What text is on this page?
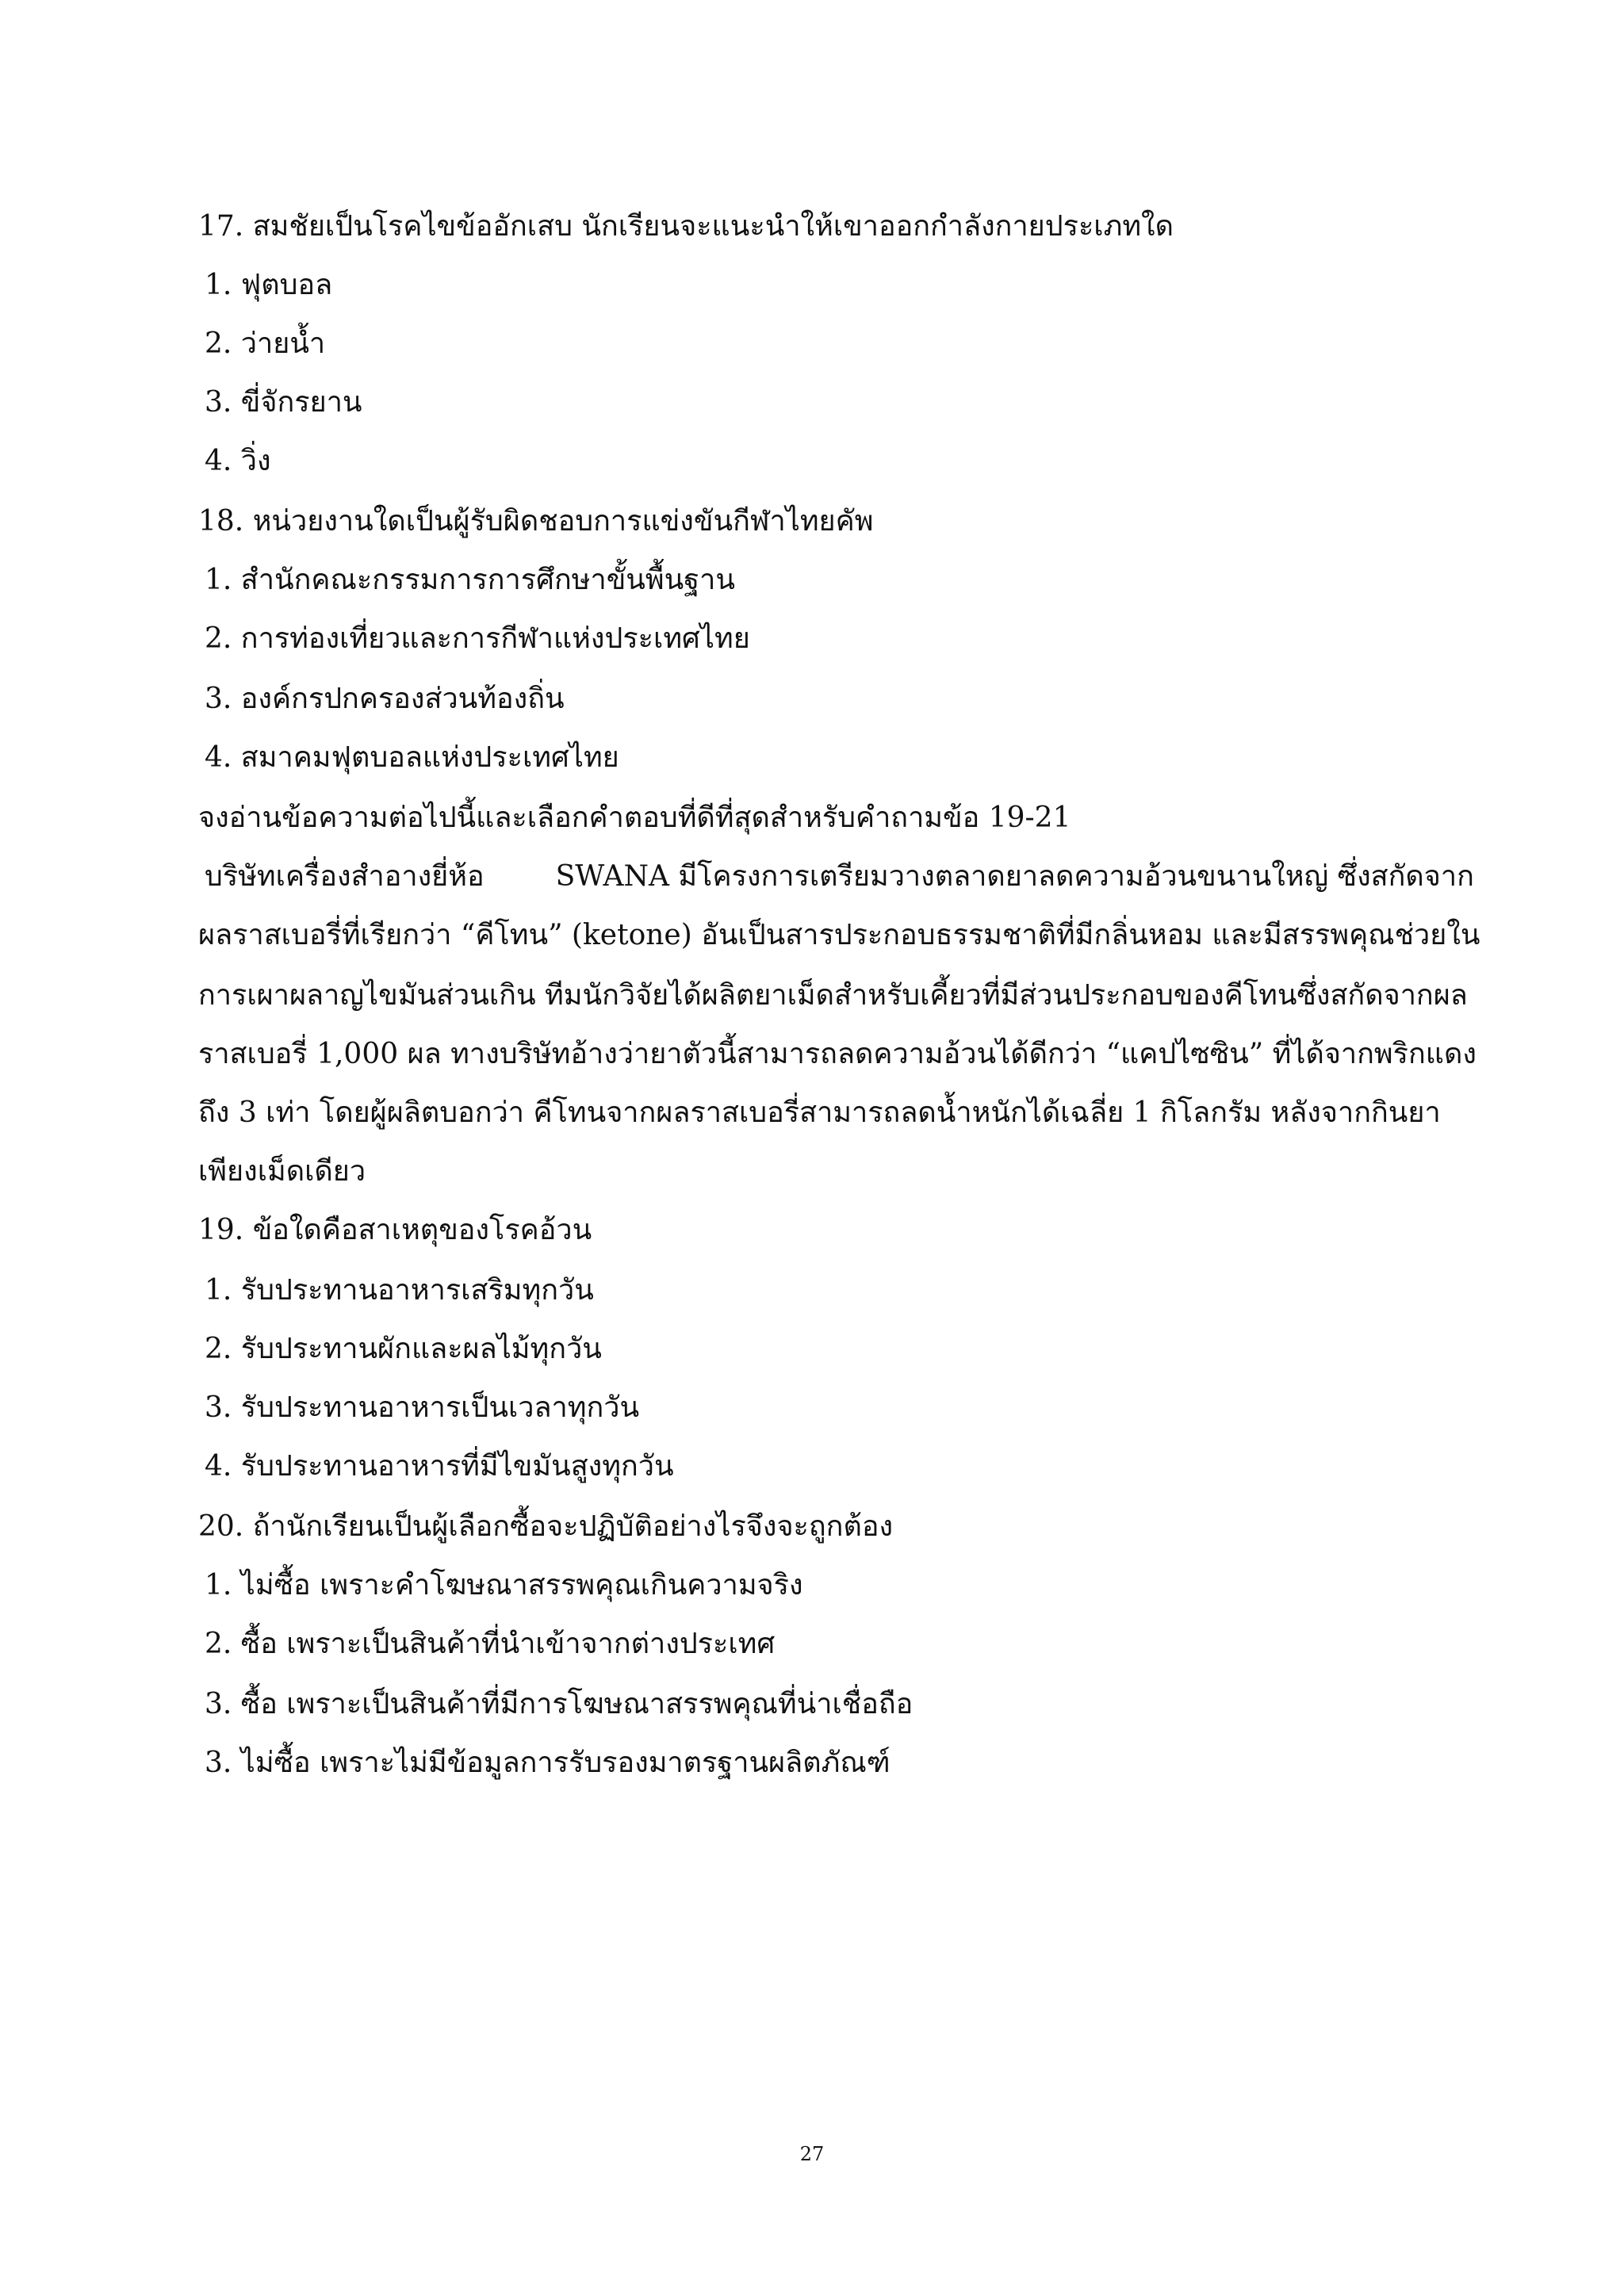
17. สมชัยเป็นโรคไขข้ออักเสบ นักเรียนจะแนะนำให้เขาออกกำลังกายประเภทใด
1. ฟุตบอล
2. ว่ายน้ำ
3. ขี่จักรยาน
4. วิ่ง
18. หน่วยงานใดเป็นผู้รับผิดชอบการแข่งขันกีฬาไทยคัพ
1. สำนักคณะกรรมการการศึกษาขั้นพื้นฐาน
2. การท่องเที่ยวและการกีฬาแห่งประเทศไทย
3. องค์กรปกครองส่วนท้องถิ่น
4. สมาคมฟุตบอลแห่งประเทศไทย
จงอ่านข้อความต่อไปนี้และเลือกคำตอบที่ดีที่สุดสำหรับคำถามข้อ 19-21
บริษัทเครื่องสำอางยี่ห้อ	SWANA มีโครงการเตรียมวางตลาดยาลดความอ้วนขนานใหญ่ ซึ่งสกัดจาก
ผลราสเบอรี่ที่เรียกว่า “คีโทน” (ketone) อันเป็นสารประกอบธรรมชาติที่มีกลิ่นหอม และมีสรรพคุณช่วยใน
การเผาผลาญไขมันส่วนเกิน ทีมนักวิจัยได้ผลิตยาเม็ดสำหรับเคี้ยวที่มีส่วนประกอบของคีโทนซึ่งสกัดจากผล
ราสเบอรี่ 1,000 ผล ทางบริษัทอ้างว่ายาตัวนี้สามารถลดความอ้วนได้ดีกว่า “แคปไซซิน” ที่ได้จากพริกแดง
ถึง 3 เท่า โดยผู้ผลิตบอกว่า คีโทนจากผลราสเบอรี่สามารถลดน้ำหนักได้เฉลี่ย 1 กิโลกรัม หลังจากกินยา
เพียงเม็ดเดียว
19. ข้อใดคือสาเหตุของโรคอ้วน
1. รับประทานอาหารเสริมทุกวัน
2. รับประทานผักและผลไม้ทุกวัน
3. รับประทานอาหารเป็นเวลาทุกวัน
4. รับประทานอาหารที่มีไขมันสูงทุกวัน
20. ถ้านักเรียนเป็นผู้เลือกซื้อจะปฏิบัติอย่างไรจึงจะถูกต้อง
1. ไม่ซื้อ เพราะคำโฆษณาสรรพคุณเกินความจริง
2. ซื้อ เพราะเป็นสินค้าที่นำเข้าจากต่างประเทศ
3. ซื้อ เพราะเป็นสินค้าที่มีการโฆษณาสรรพคุณที่น่าเชื่อถือ
3. ไม่ซื้อ เพราะไม่มีข้อมูลการรับรองมาตรฐานผลิตภัณฑ์
27
